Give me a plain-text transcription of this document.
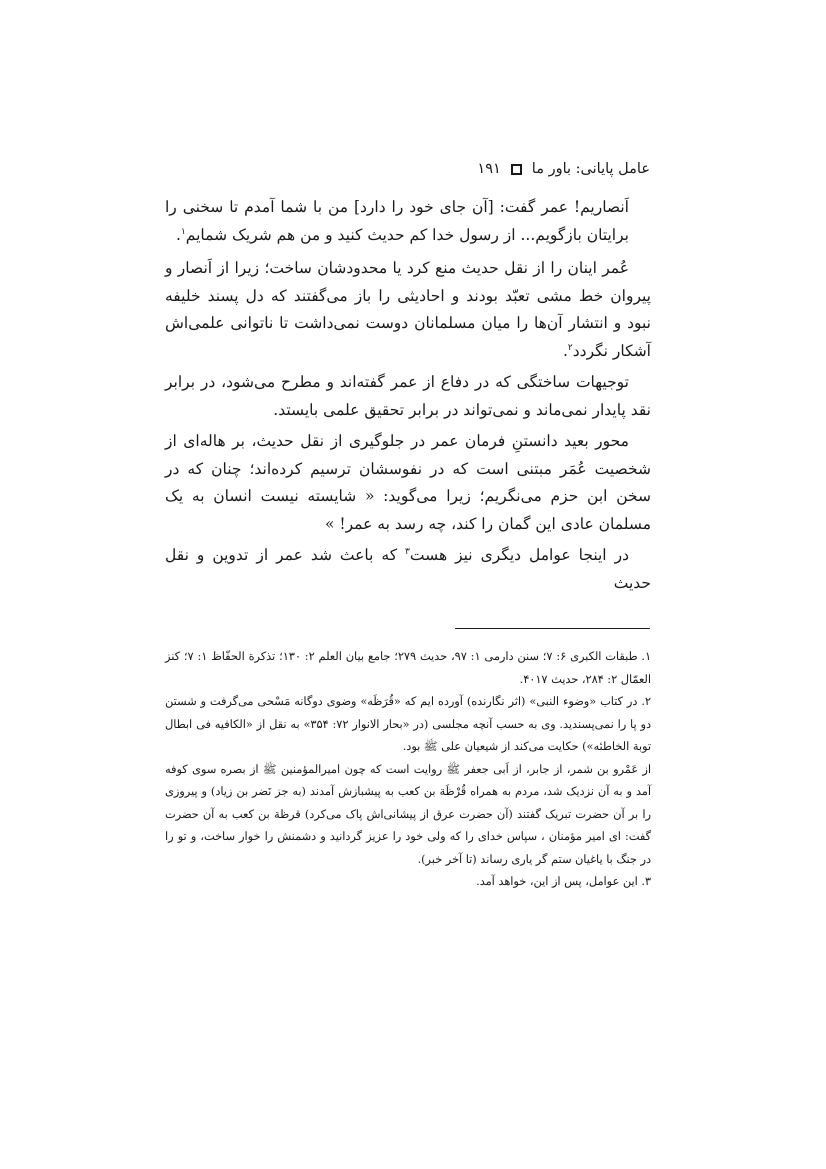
عامل پایانی: باور ما
۱۹۱

اَنصاریم! عمر گفت: [آن جای خود را دارد] من با شما آمدم تا سخنی را برایتان بازگویم... از رسول خدا کم حدیث کنید و من هم شریک شمایم$^۱$.

عُمر اینان را از نقل حدیث منع کرد یا محدودشان ساخت؛ زیرا از اَنصار و پیروان خط مشی تعبّد بودند و احادیثی را باز می‌گفتند که دل پسند خلیفه نبود و انتشار آن‌ها را میان مسلمانان دوست نمی‌داشت تا ناتوانی علمی‌اش آشکار نگردد$^۲$.

توجیهات ساختگی که در دفاع از عمر گفته‌اند و مطرح می‌شود، در برابر نقد پایدار نمی‌ماند و نمی‌تواند در برابر تحقیق علمی بایستد.

محور بعید دانستنِ فرمان عمر در جلوگیری از نقل حدیث، بر هاله‌ای از شخصیت عُمَر مبتنی است که در نفوسشان ترسیم کرده‌اند؛ چنان که در سخن ابن حزم می‌نگریم؛ زیرا می‌گوید: « شایسته نیست انسان به یک مسلمان عادی این گمان را کند، چه رسد به عمر! »

در اینجا عوامل دیگری نیز هست$^۳$ که باعث شد عمر از تدوین و نقل حدیث

۱. طبقات الکبری ۶: ۷؛ سنن دارمی ۱: ۹۷، حدیث ۲۷۹؛ جامع بیان العلم ۲: ۱۳۰؛ تذکرة الحفّاظ ۱: ۷؛ کنز العمّال ۲: ۲۸۴، حدیث ۴۰۱۷.

۲. در کتاب «وضوء النبی» (اثر نگارنده) آورده ایم که «قُرَظَه» وضوی دوگانه مَسْحی می‌گرفت و شستن دو پا را نمی‌پسندید. وی به حسب آنچه مجلسی (در «بحار الانوار ۷۲: ۳۵۴» به نقل از «الکافیه فی ابطال توبة الخاطئه») حکایت می‌کند از شیعیان علی ﷺ بود.

از عَمْرو بن شمر، از جابر، از اَبی جعفر ﷺ روایت است که چون امیرالمؤمنین ﷺ از بصره سوی کوفه آمد و به آن نزدیک شد، مردم به همراه قُرْظَة بن کعب به پیشبازش آمدند (به جز نَضر بن زیاد) و پیروزی را بر آن حضرت تبریک گفتند (آن حضرت عرق از پیشانی‌اش پاک می‌کرد) قرظة بن کعب به آن حضرت گفت: ای امیر مؤمنان ، سپاس خدای را که ولی خود را عزیز گردانید و دشمنش را خوار ساخت، و تو را در جنگ با یاغیان ستم گر یاری رساند (تا آخر خبر).

۳. این عوامل، پس از این، خواهد آمد.
